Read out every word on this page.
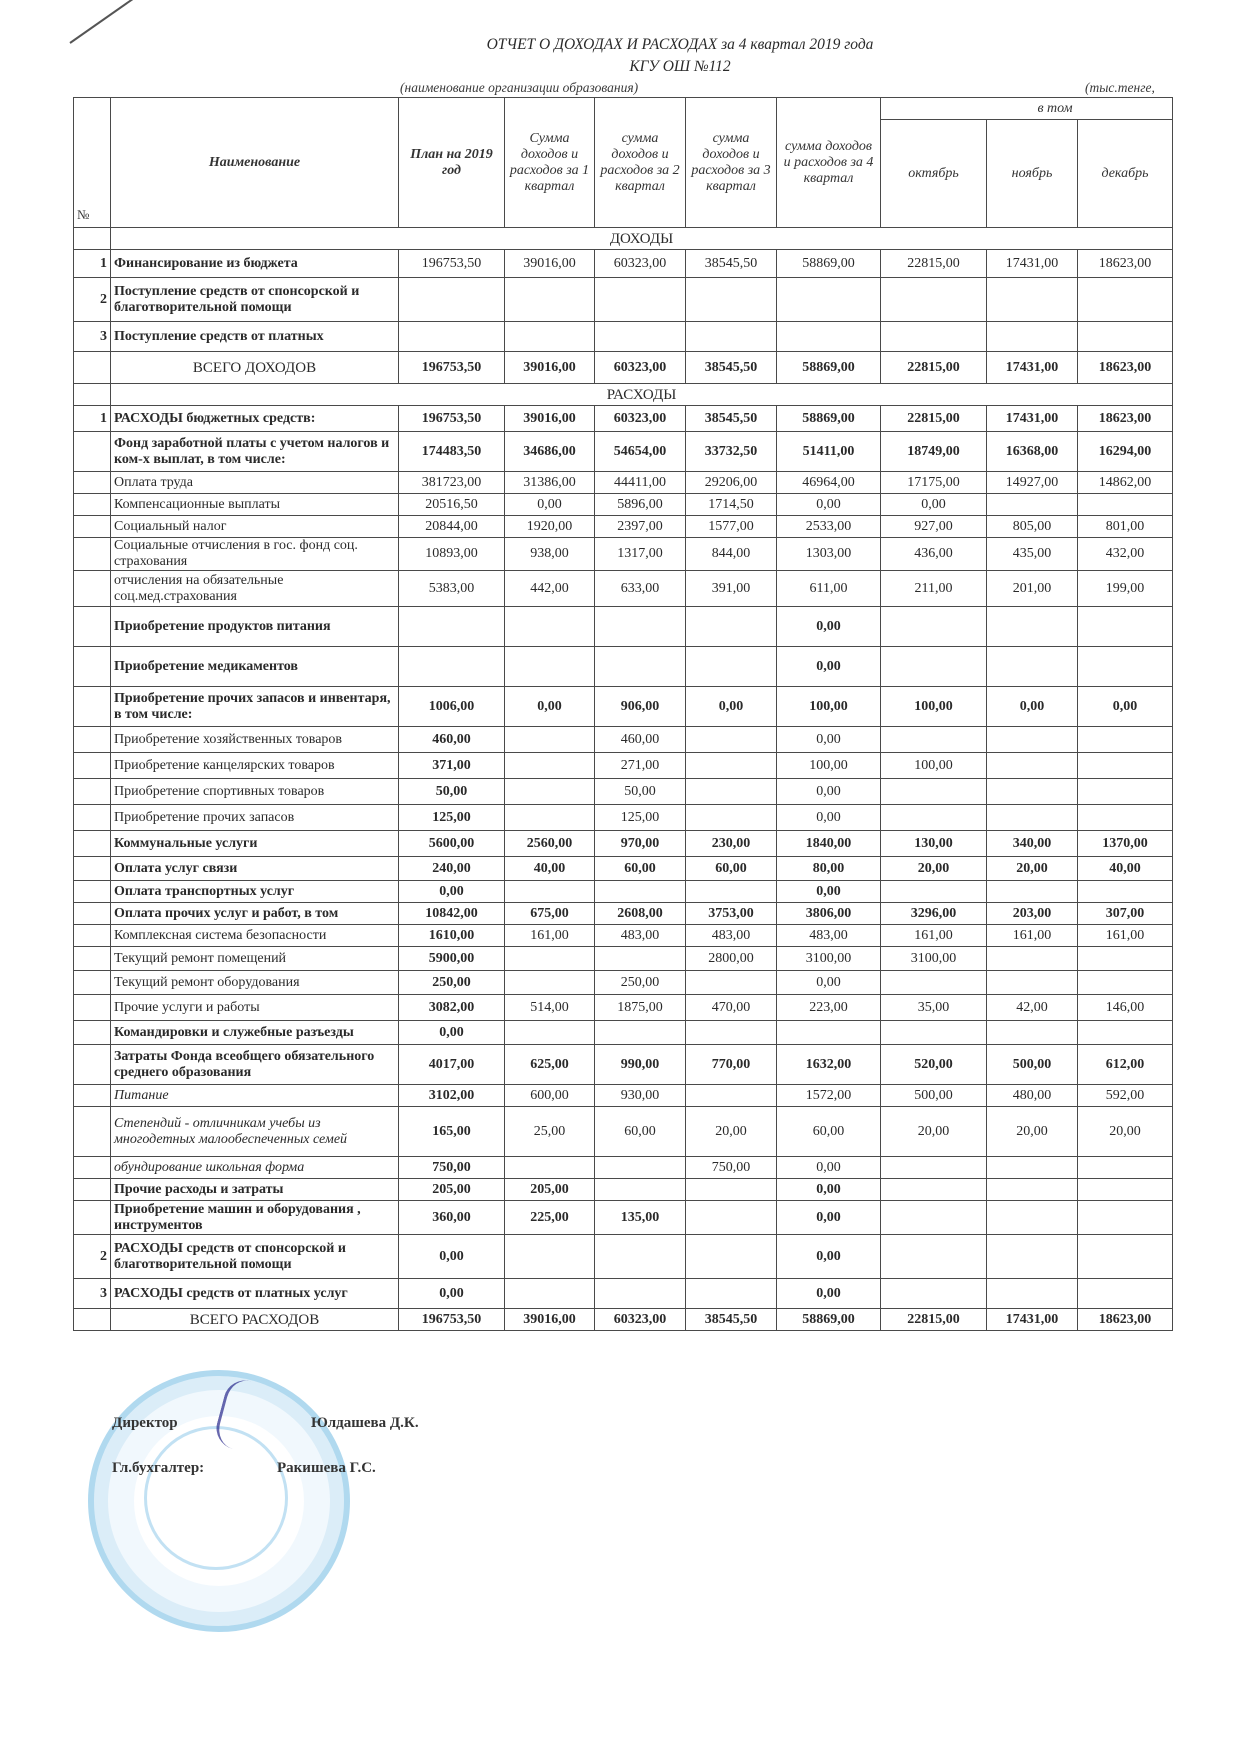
ОТЧЕТ О ДОХОДАХ И РАСХОДАХ за 4 квартал 2019 года
КГУ ОШ №112
(наименование организации образования)	(тыс.тенге,
№	Наименование	План на 2019 год	Сумма доходов и расходов за 1 квартал	сумма доходов и расходов за 2 квартал	сумма доходов и расходов за 3 квартал	сумма доходов и расходов за 4 квартал	в том		
							октябрь	ноябрь	декабрь
	ДОХОДЫ								
1	Финансирование из бюджета	196753,50	39016,00	60323,00	38545,50	58869,00	22815,00	17431,00	18623,00
2	Поступление средств от спонсорской и благотворительной помощи								
3	Поступление средств от платных								
	ВСЕГО ДОХОДОВ	196753,50	39016,00	60323,00	38545,50	58869,00	22815,00	17431,00	18623,00
	РАСХОДЫ								
1	РАСХОДЫ бюджетных средств:	196753,50	39016,00	60323,00	38545,50	58869,00	22815,00	17431,00	18623,00
	Фонд заработной платы с учетом налогов и ком-х выплат, в том числе:	174483,50	34686,00	54654,00	33732,50	51411,00	18749,00	16368,00	16294,00
	Оплата труда	381723,00	31386,00	44411,00	29206,00	46964,00	17175,00	14927,00	14862,00
	Компенсационные выплаты	20516,50	0,00	5896,00	1714,50	0,00	0,00		
	Социальный налог	20844,00	1920,00	2397,00	1577,00	2533,00	927,00	805,00	801,00
	Социальные отчисления в гос. фонд соц. страхования	10893,00	938,00	1317,00	844,00	1303,00	436,00	435,00	432,00
	отчисления на обязательные соц.мед.страхования	5383,00	442,00	633,00	391,00	611,00	211,00	201,00	199,00
	Приобретение продуктов питания					0,00			
	Приобретение медикаментов					0,00			
	Приобретение прочих запасов и инвентаря, в том числе:	1006,00	0,00	906,00	0,00	100,00	100,00	0,00	0,00
	Приобретение хозяйственных товаров	460,00		460,00		0,00			
	Приобретение канцелярских товаров	371,00		271,00		100,00	100,00		
	Приобретение спортивных товаров	50,00		50,00		0,00			
	Приобретение прочих запасов	125,00		125,00		0,00			
	Коммунальные услуги	5600,00	2560,00	970,00	230,00	1840,00	130,00	340,00	1370,00
	Оплата услуг связи	240,00	40,00	60,00	60,00	80,00	20,00	20,00	40,00
	Оплата транспортных услуг	0,00				0,00			
	Оплата прочих услуг и работ, в том	10842,00	675,00	2608,00	3753,00	3806,00	3296,00	203,00	307,00
	Комплексная система безопасности	1610,00	161,00	483,00	483,00	483,00	161,00	161,00	161,00
	Текущий ремонт помещений	5900,00			2800,00	3100,00	3100,00		
	Текущий ремонт оборудования	250,00		250,00		0,00			
	Прочие услуги и работы	3082,00	514,00	1875,00	470,00	223,00	35,00	42,00	146,00
	Командировки и служебные разъезды	0,00							
	Затраты Фонда всеобщего обязательного среднего образования	4017,00	625,00	990,00	770,00	1632,00	520,00	500,00	612,00
	Питание	3102,00	600,00	930,00		1572,00	500,00	480,00	592,00
	Степендий - отличникам учебы из многодетных малообеспеченных семей	165,00	25,00	60,00	20,00	60,00	20,00	20,00	20,00
	обундирование школьная форма	750,00			750,00	0,00			
	Прочие расходы и затраты	205,00	205,00			0,00			
	Приобретение машин и оборудования , инструментов	360,00	225,00	135,00		0,00			
2	РАСХОДЫ средств от спонсорской и благотворительной помощи	0,00				0,00			
3	РАСХОДЫ средств от платных услуг	0,00				0,00			
	ВСЕГО РАСХОДОВ	196753,50	39016,00	60323,00	38545,50	58869,00	22815,00	17431,00	18623,00
Директор	Юлдашева Д.К.
Гл.бухгалтер:	Ракишева Г.С.
